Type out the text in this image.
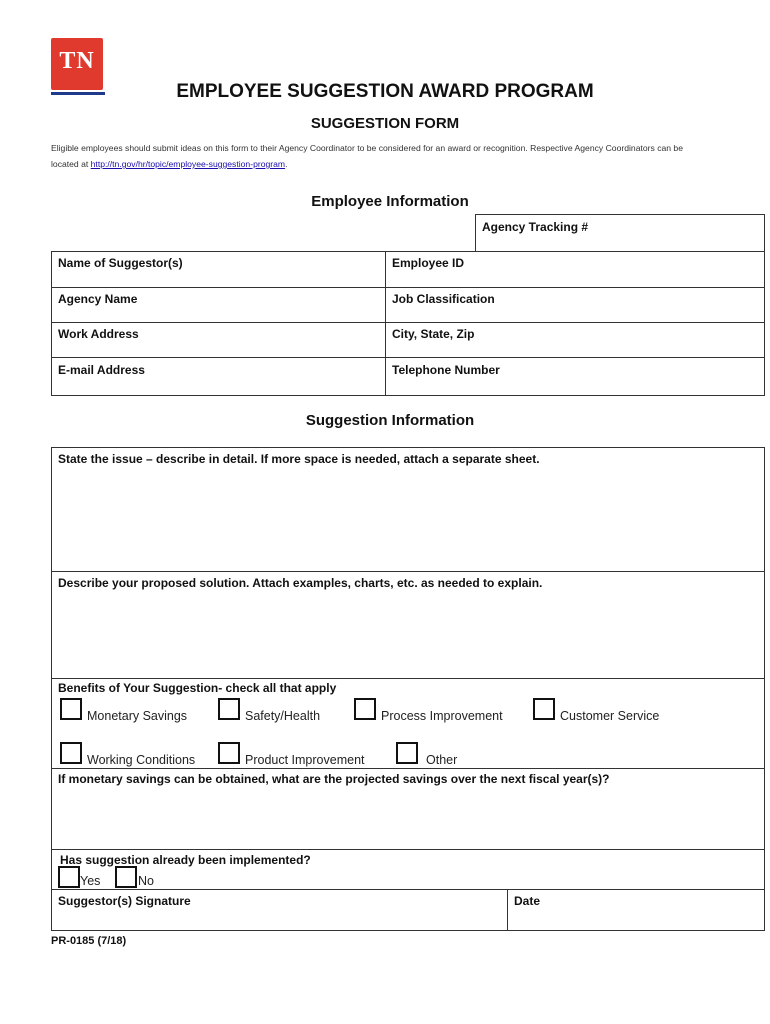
TN
EMPLOYEE SUGGESTION AWARD PROGRAM
SUGGESTION FORM
Eligible employees should submit ideas on this form to their Agency Coordinator to be considered for an award or recognition. Respective Agency Coordinators can be located at http://tn.gov/hr/topic/employee-suggestion-program.
Employee Information
Agency Tracking #
Name of Suggestor(s)	Employee ID
Agency Name	Job Classification
Work Address	City, State, Zip
E-mail Address	Telephone Number
Suggestion Information
State the issue – describe in detail. If more space is needed, attach a separate sheet.
Describe your proposed solution. Attach examples, charts, etc. as needed to explain.
Benefits of Your Suggestion- check all that apply
Monetary Savings	Safety/Health	Process Improvement	Customer Service
Working Conditions	Product Improvement	Other
If monetary savings can be obtained, what are the projected savings over the next fiscal year(s)?
Has suggestion already been implemented?
Yes	No
Suggestor(s) Signature	Date
PR-0185 (7/18)
